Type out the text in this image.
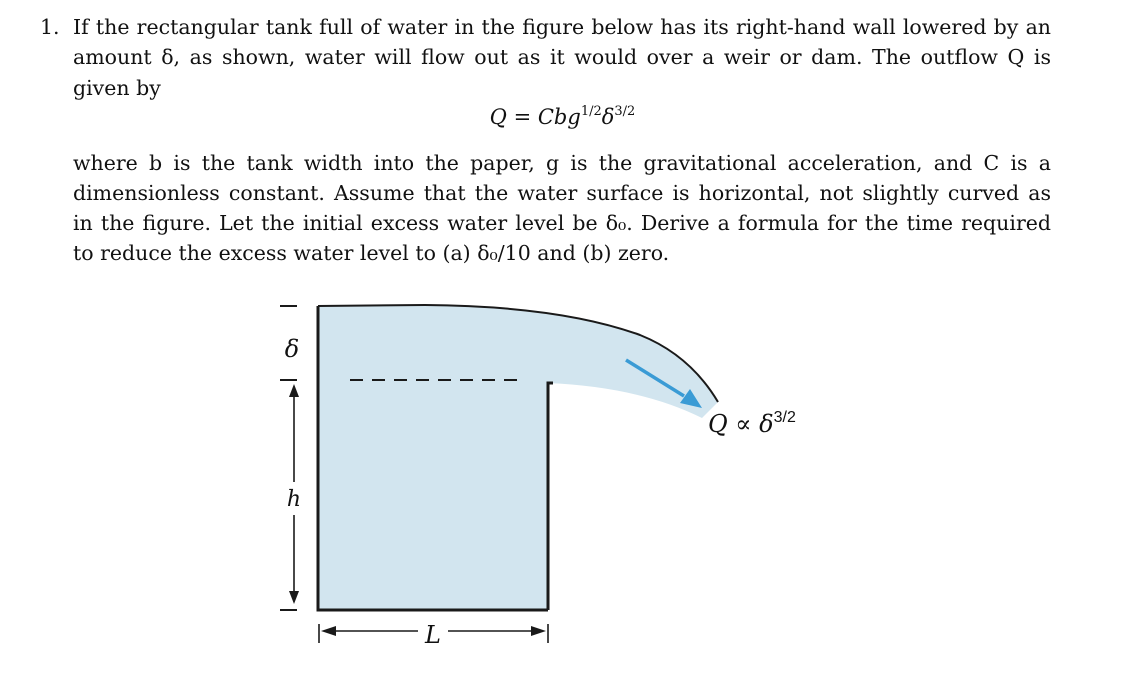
1. If the rectangular tank full of water in the figure below has its right-hand wall lowered by an
amount δ, as shown, water will flow out as it would over a weir or dam. The outflow Q is
given by
$Q = Cbg^{1/2}\delta^{3/2}$
where b is the tank width into the paper, g is the gravitational acceleration, and C is a
dimensionless constant. Assume that the water surface is horizontal, not slightly curved as
in the figure. Let the initial excess water level be δ₀. Derive a formula for the time required
to reduce the excess water level to (a) δ₀/10 and (b) zero.
δ
h
L
$Q \propto \delta^{3/2}$
